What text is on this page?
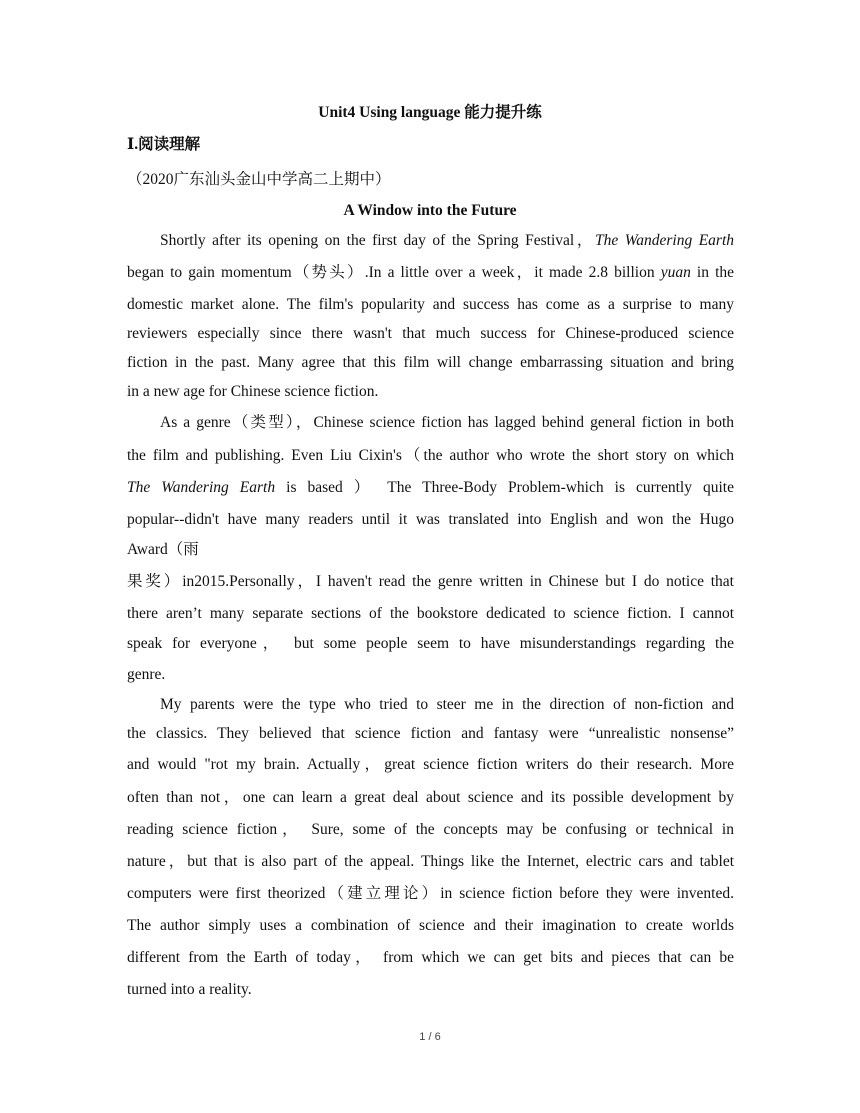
Unit4 Using language 能力提升练
Ⅰ.阅读理解
（2020广东汕头金山中学高二上期中）
A Window into the Future
Shortly after its opening on the first day of the Spring Festival，The Wandering Earth
began to gain momentum（势头）.In a little over a week，it made 2.8 billion yuan in the
domestic market alone. The film's popularity and success has come as a surprise to many
reviewers especially since there wasn't that much success for Chinese-produced science
fiction in the past. Many agree that this film will change embarrassing situation and bring
in a new age for Chinese science fiction.
As a genre（类型），Chinese science fiction has lagged behind general fiction in both
the film and publishing. Even Liu Cixin's（the author who wrote the short story on which
The Wandering Earth is based ） The Three-Body Problem-which is currently quite
popular--didn't have many readers until it was translated into English and won the Hugo
Award（雨
果奖）in2015.Personally，I haven't read the genre written in Chinese but I do notice that
there aren’t many separate sections of the bookstore dedicated to science fiction. I cannot
speak for everyone， but some people seem to have misunderstandings regarding the
genre.
My parents were the type who tried to steer me in the direction of non-fiction and
the classics. They believed that science fiction and fantasy were “unrealistic nonsense”
and would "rot my brain. Actually，great science fiction writers do their research. More
often than not，one can learn a great deal about science and its possible development by
reading science fiction， Sure, some of the concepts may be confusing or technical in
nature，but that is also part of the appeal. Things like the Internet, electric cars and tablet
computers were first theorized（建立理论）in science fiction before they were invented.
The author simply uses a combination of science and their imagination to create worlds
different from the Earth of today， from which we can get bits and pieces that can be
turned into a reality.
1 / 6
